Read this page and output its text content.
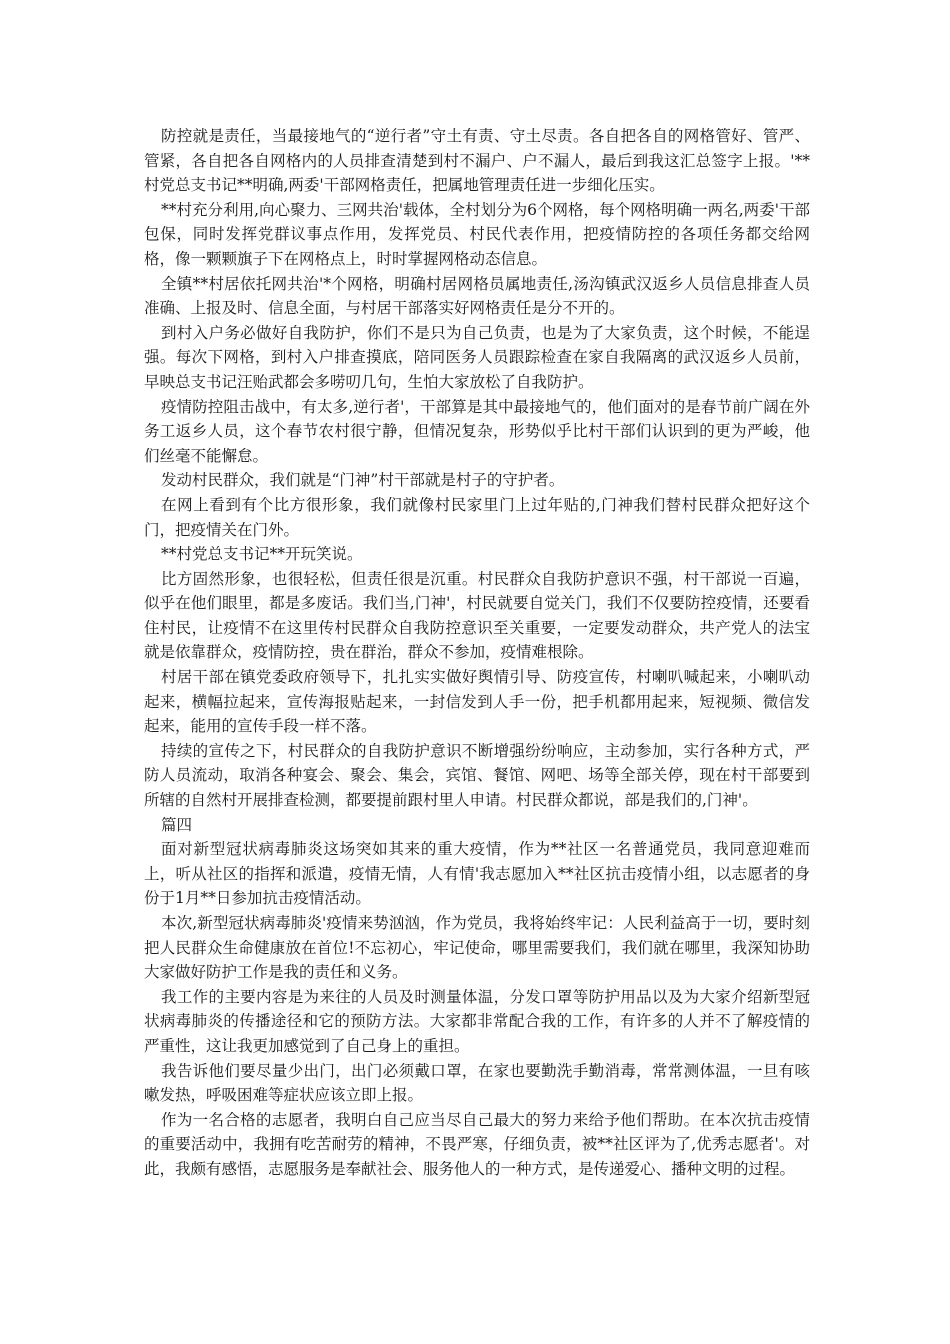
防控就是责任，当最接地气的“逆行者”守土有责、守土尽责。各自把各自的网格管好、管严、管紧，各自把各自网格内的人员排查清楚到村不漏户、户不漏人，最后到我这汇总签字上报。'**村党总支书记**明确,两委'干部网格责任，把属地管理责任进一步细化压实。

**村充分利用,向心聚力、三网共治'载体，全村划分为6个网格，每个网格明确一两名,两委'干部包保，同时发挥党群议事点作用，发挥党员、村民代表作用，把疫情防控的各项任务都交给网格，像一颗颗旗子下在网格点上，时时掌握网格动态信息。

全镇**村居依托网共治'*个网格，明确村居网格员属地责任,汤沟镇武汉返乡人员信息排查人员准确、上报及时、信息全面，与村居干部落实好网格责任是分不开的。

到村入户务必做好自我防护，你们不是只为自己负责，也是为了大家负责，这个时候，不能逞强。每次下网格，到村入户排查摸底，陪同医务人员跟踪检查在家自我隔离的武汉返乡人员前，早映总支书记汪贻武都会多唠叨几句，生怕大家放松了自我防护。

疫情防控阻击战中，有太多,逆行者'，干部算是其中最接地气的，他们面对的是春节前广阔在外务工返乡人员，这个春节农村很宁静，但情况复杂，形势似乎比村干部们认识到的更为严峻，他们丝毫不能懈怠。

发动村民群众，我们就是“门神”村干部就是村子的守护者。

在网上看到有个比方很形象，我们就像村民家里门上过年贴的,门神我们替村民群众把好这个门，把疫情关在门外。

**村党总支书记**开玩笑说。

比方固然形象，也很轻松，但责任很是沉重。村民群众自我防护意识不强，村干部说一百遍，似乎在他们眼里，都是多废话。我们当,门神'，村民就要自觉关门，我们不仅要防控疫情，还要看住村民，让疫情不在这里传村民群众自我防控意识至关重要，一定要发动群众，共产党人的法宝就是依靠群众，疫情防控，贵在群治，群众不参加，疫情难根除。

村居干部在镇党委政府领导下，扎扎实实做好舆情引导、防疫宣传，村喇叭喊起来，小喇叭动起来，横幅拉起来，宣传海报贴起来，一封信发到人手一份，把手机都用起来，短视频、微信发起来，能用的宣传手段一样不落。

持续的宣传之下，村民群众的自我防护意识不断增强纷纷响应，主动参加，实行各种方式，严防人员流动，取消各种宴会、聚会、集会，宾馆、餐馆、网吧、场等全部关停，现在村干部要到所辖的自然村开展排查检测，都要提前跟村里人申请。村民群众都说，部是我们的,门神'。

篇四

面对新型冠状病毒肺炎这场突如其来的重大疫情，作为**社区一名普通党员，我同意迎难而上，听从社区的指挥和派遣，疫情无情，人有情'我志愿加入**社区抗击疫情小组，以志愿者的身份于1月**日参加抗击疫情活动。

本次,新型冠状病毒肺炎'疫情来势汹汹，作为党员，我将始终牢记：人民利益高于一切，要时刻把人民群众生命健康放在首位!不忘初心，牢记使命，哪里需要我们，我们就在哪里，我深知协助大家做好防护工作是我的责任和义务。

我工作的主要内容是为来往的人员及时测量体温，分发口罩等防护用品以及为大家介绍新型冠状病毒肺炎的传播途径和它的预防方法。大家都非常配合我的工作，有许多的人并不了解疫情的严重性，这让我更加感觉到了自己身上的重担。

我告诉他们要尽量少出门，出门必须戴口罩，在家也要勤洗手勤消毒，常常测体温，一旦有咳嗽发热，呼吸困难等症状应该立即上报。

作为一名合格的志愿者，我明白自己应当尽自己最大的努力来给予他们帮助。在本次抗击疫情的重要活动中，我拥有吃苦耐劳的精神，不畏严寒，仔细负责，被**社区评为了,优秀志愿者'。对此，我颇有感悟，志愿服务是奉献社会、服务他人的一种方式，是传递爱心、播种文明的过程。
